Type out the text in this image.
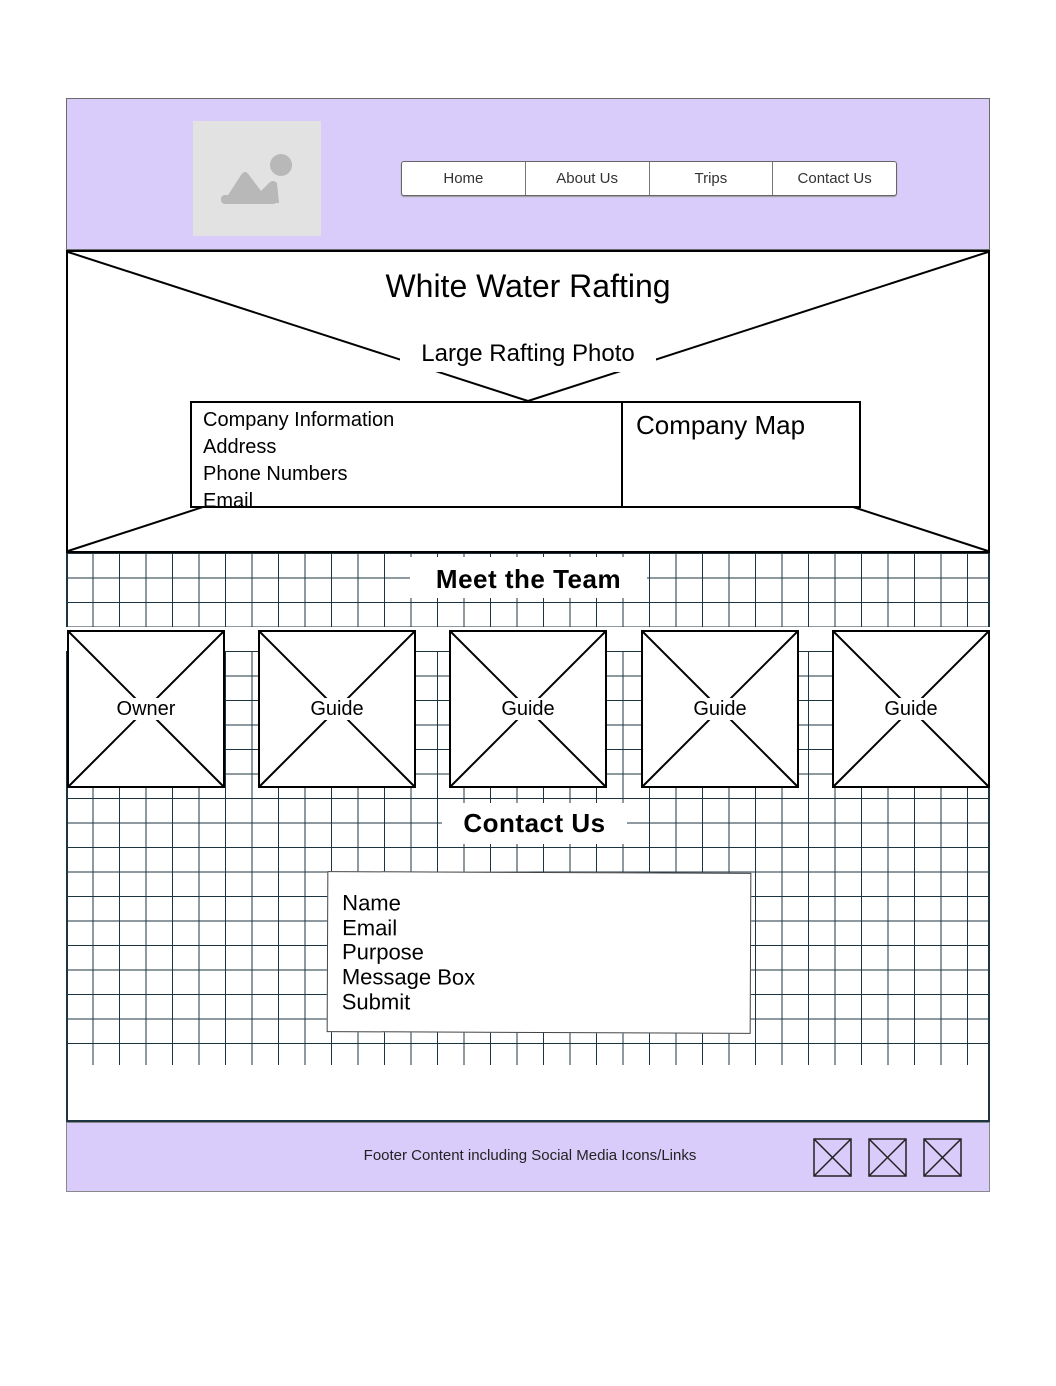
Home	About Us	Trips	Contact Us
White Water Rafting
Large Rafting Photo
Company Information
Address
Phone Numbers
Email
Company Map
Meet the Team
Owner	Guide	Guide	Guide	Guide
Contact Us
Name
Email
Purpose
Message Box
Submit
Footer Content including Social Media Icons/Links
